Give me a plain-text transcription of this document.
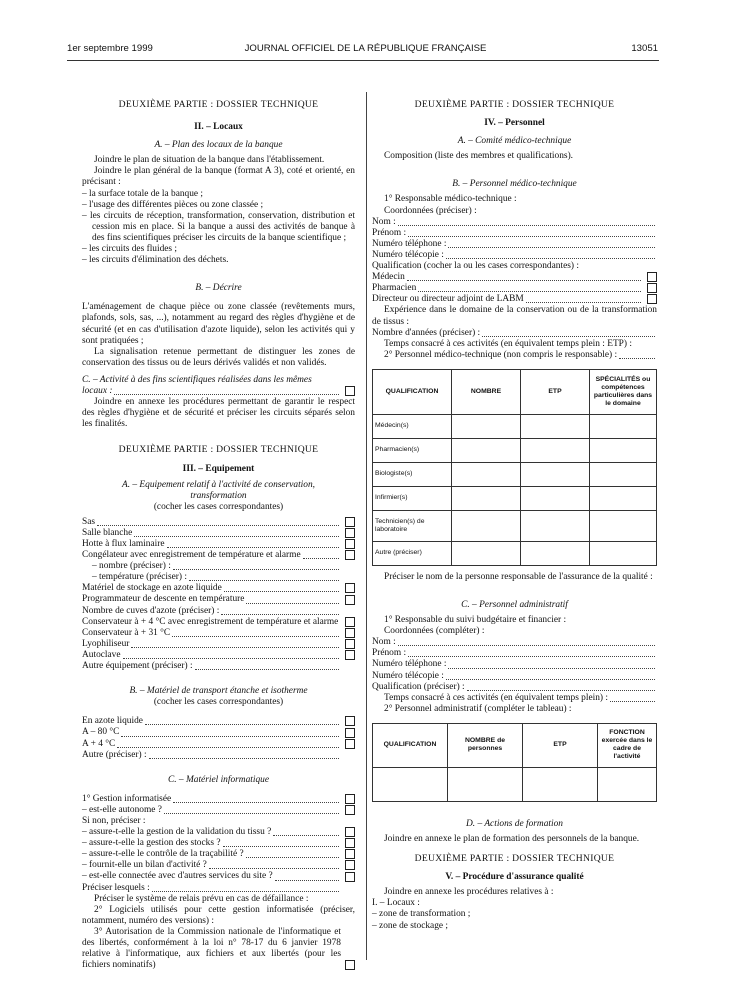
1er septembre 1999	JOURNAL OFFICIEL DE LA RÉPUBLIQUE FRANÇAISE	13051
DEUXIÈME PARTIE : DOSSIER TECHNIQUE
II. – Locaux
A. – Plan des locaux de la banque

Joindre le plan de situation de la banque dans l'établissement.

Joindre le plan général de la banque (format A 3), coté et orienté, en précisant :

– la surface totale de la banque ;

– l'usage des différentes pièces ou zone classée ;

– les circuits de réception, transformation, conservation, distribution et cession mis en place. Si la banque a aussi des activités de banque à des fins scientifiques préciser les circuits de la banque scientifique ;

– les circuits des fluides ;

– les circuits d'élimination des déchets.

B. – Décrire

L'aménagement de chaque pièce ou zone classée (revêtements murs, plafonds, sols, sas, ...), notamment au regard des règles d'hygiène et de sécurité (et en cas d'utilisation d'azote liquide), selon les activités qui y sont pratiquées ;

La signalisation retenue permettant de distinguer les zones de conservation des tissus ou de leurs dérivés validés et non validés.

C. – Activité à des fins scientifiques réalisées dans les mêmes

locaux :

Joindre en annexe les procédures permettant de garantir le respect des règles d'hygiène et de sécurité et préciser les circuits séparés selon les finalités.

DEUXIÈME PARTIE : DOSSIER TECHNIQUE
III. – Equipement
A. – Equipement relatif à l'activité de conservation,
transformation
(cocher les cases correspondantes)
Sas
Salle blanche
Hotte à flux laminaire
Congélateur avec enregistrement de température et alarme
– nombre (préciser) :
– température (préciser) :
Matériel de stockage en azote liquide
Programmateur de descente en température
Nombre de cuves d'azote (préciser) :
Conservateur à + 4 °C avec enregistrement de température et alarme
Conservateur à + 31 °C
Lyophiliseur
Autoclave
Autre équipement (préciser) :
B. – Matériel de transport étanche et isotherme
(cocher les cases correspondantes)
En azote liquide
A – 80 °C
A + 4 °C
Autre (préciser) :
C. – Matériel informatique
1° Gestion informatisée
– est-elle autonome ?

Si non, préciser :

– assure-t-elle la gestion de la validation du tissu ?
– assure-t-elle la gestion des stocks ?
– assure-t-elle le contrôle de la traçabilité ?
– fournit-elle un bilan d'activité ?
– est-elle connectée avec d'autres services du site ?
Préciser lesquels :

Préciser le système de relais prévu en cas de défaillance :

2° Logiciels utilisés pour cette gestion informatisée (préciser, notamment, numéro des versions) :

3° Autorisation de la Commission nationale de l'informatique et des libertés, conformément à la loi n° 78-17 du 6 janvier 1978 relative à l'informatique, aux fichiers et aux libertés (pour les fichiers nominatifs)
DEUXIÈME PARTIE : DOSSIER TECHNIQUE
IV. – Personnel
A. – Comité médico-technique

Composition (liste des membres et qualifications).

B. – Personnel médico-technique

1° Responsable médico-technique :

Coordonnées (préciser) :

Nom :
Prénom :
Numéro téléphone :
Numéro télécopie :

Qualification (cocher la ou les cases correspondantes) :

Médecin
Pharmacien
Directeur ou directeur adjoint de LABM

Expérience dans le domaine de la conservation ou de la transformation de tissus :

Nombre d'années (préciser) :

Temps consacré à ces activités (en équivalent temps plein : ETP) :

2° Personnel médico-technique (non compris le responsable) :
QUALIFICATION	NOMBRE	ETP	SPÉCIALITÉS ou compétences particulières dans le domaine
Médecin(s)			
Pharmacien(s)			
Biologiste(s)			
Infirmier(s)			
Technicien(s) de laboratoire			
Autre (préciser)			

Préciser le nom de la personne responsable de l'assurance de la qualité :

C. – Personnel administratif

1° Responsable du suivi budgétaire et financier :

Coordonnées (compléter) :

Nom :
Prénom :
Numéro téléphone :
Numéro télécopie :
Qualification (préciser) :
Temps consacré à ces activités (en équivalent temps plein) :

2° Personnel administratif (compléter le tableau) :

QUALIFICATION	NOMBRE de personnes	ETP	FONCTION exercée dans le cadre de l'activité

D. – Actions de formation

Joindre en annexe le plan de formation des personnels de la banque.

DEUXIÈME PARTIE : DOSSIER TECHNIQUE
V. – Procédure d'assurance qualité

Joindre en annexe les procédures relatives à :

I. – Locaux :

– zone de transformation ;

– zone de stockage ;
